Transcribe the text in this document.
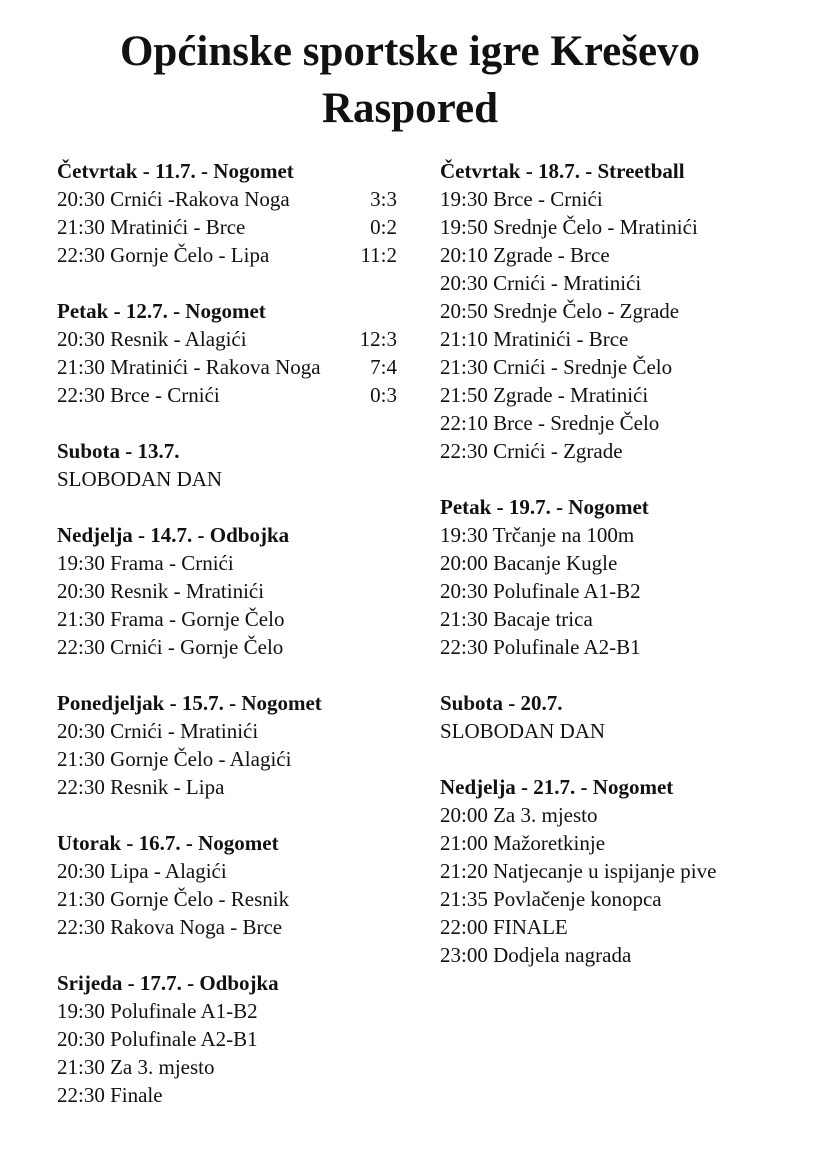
Općinske sportske igre Kreševo
Raspored
Četvrtak - 11.7. - Nogomet
20:30 Crnići -Rakova Noga	3:3
21:30 Mratinići - Brce	0:2
22:30 Gornje Čelo - Lipa	11:2
Petak - 12.7. - Nogomet
20:30 Resnik - Alagići	12:3
21:30 Mratinići - Rakova Noga 7:4
22:30 Brce - Crnići	0:3
Subota - 13.7.
SLOBODAN DAN
Nedjelja - 14.7. - Odbojka
19:30 Frama - Crnići
20:30 Resnik - Mratinići
21:30 Frama - Gornje Čelo
22:30 Crnići - Gornje Čelo
Ponedjeljak - 15.7. - Nogomet
20:30 Crnići - Mratinići
21:30 Gornje Čelo - Alagići
22:30 Resnik - Lipa
Utorak - 16.7. - Nogomet
20:30 Lipa - Alagići
21:30 Gornje Čelo - Resnik
22:30 Rakova Noga - Brce
Srijeda - 17.7. - Odbojka
19:30 Polufinale A1-B2
20:30 Polufinale A2-B1
21:30 Za 3. mjesto
22:30 Finale
Četvrtak - 18.7. - Streetball
19:30 Brce - Crnići
19:50 Srednje Čelo - Mratinići
20:10 Zgrade - Brce
20:30 Crnići - Mratinići
20:50 Srednje Čelo - Zgrade
21:10 Mratinići - Brce
21:30 Crnići - Srednje Čelo
21:50 Zgrade - Mratinići
22:10 Brce - Srednje Čelo
22:30 Crnići - Zgrade
Petak - 19.7. - Nogomet
19:30 Trčanje na 100m
20:00 Bacanje Kugle
20:30 Polufinale A1-B2
21:30 Bacaje trica
22:30 Polufinale A2-B1
Subota - 20.7.
SLOBODAN DAN
Nedjelja - 21.7. - Nogomet
20:00 Za 3. mjesto
21:00 Mažoretkinje
21:20 Natjecanje u ispijanje pive
21:35 Povlačenje konopca
22:00 FINALE
23:00 Dodjela nagrada
